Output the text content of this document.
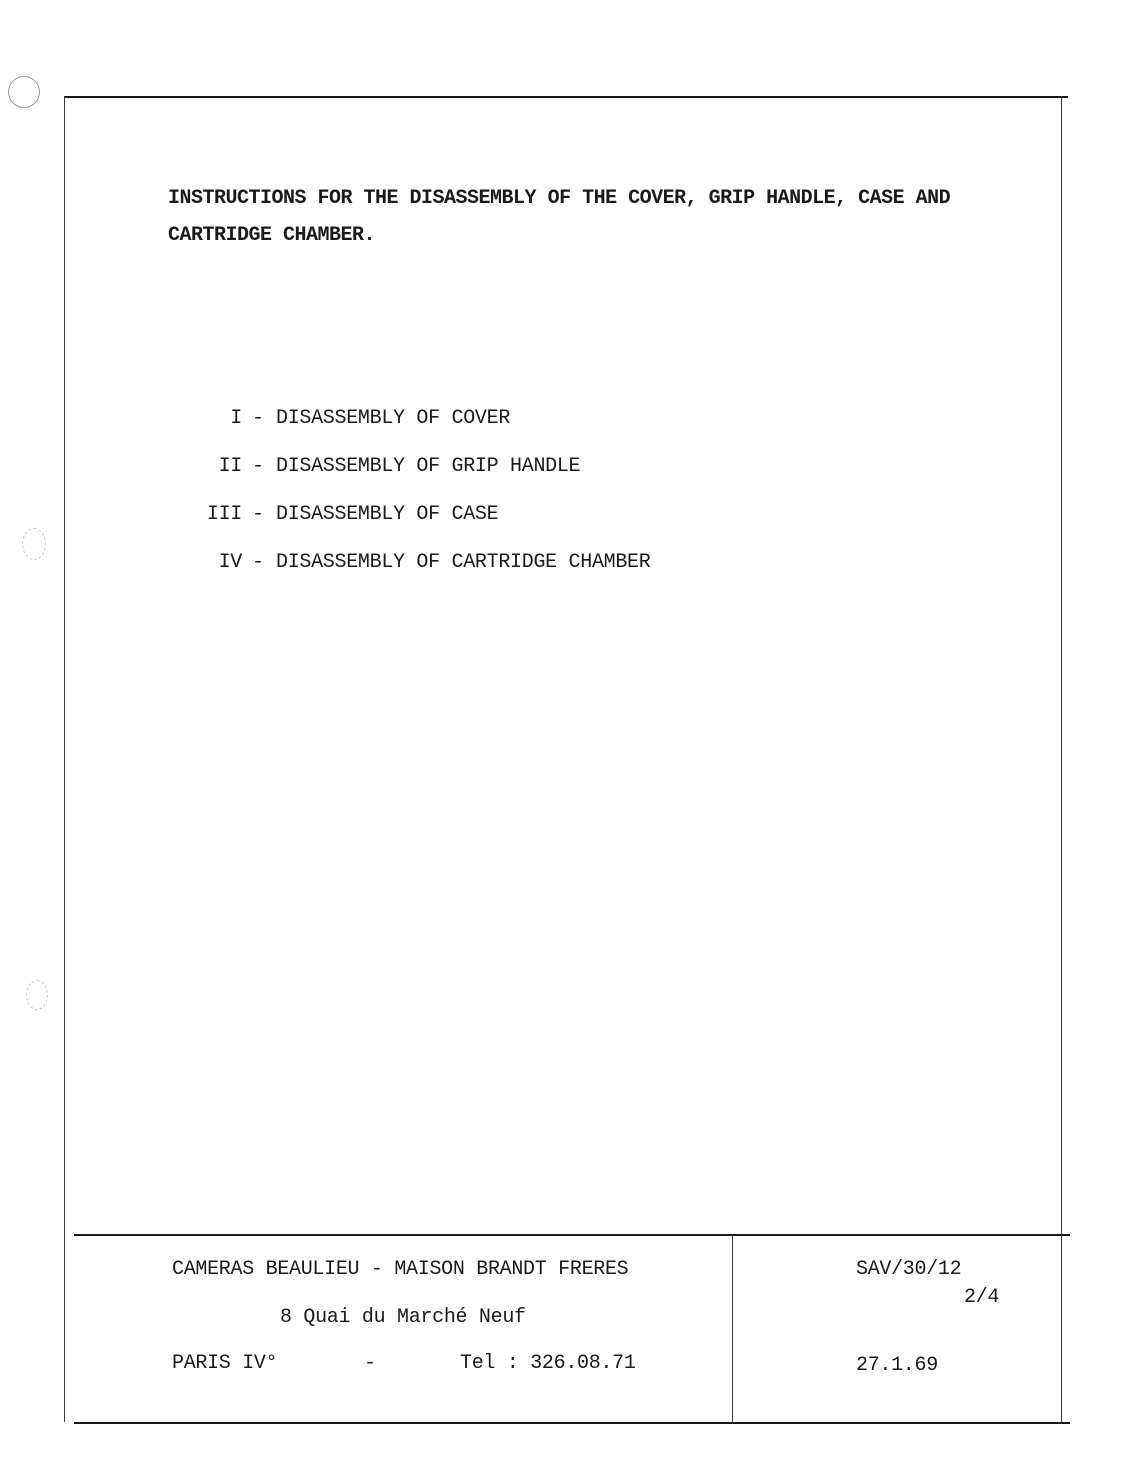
INSTRUCTIONS FOR THE DISASSEMBLY OF THE COVER, GRIP HANDLE, CASE AND CARTRIDGE CHAMBER.
I - DISASSEMBLY OF COVER
II - DISASSEMBLY OF GRIP HANDLE
III - DISASSEMBLY OF CASE
IV - DISASSEMBLY OF CARTRIDGE CHAMBER
CAMERAS BEAULIEU - MAISON BRANDT FRERES
8 Quai du Marché Neuf
PARIS IV°	-	Tel : 326.08.71
SAV/30/12
2/4
27.1.69
